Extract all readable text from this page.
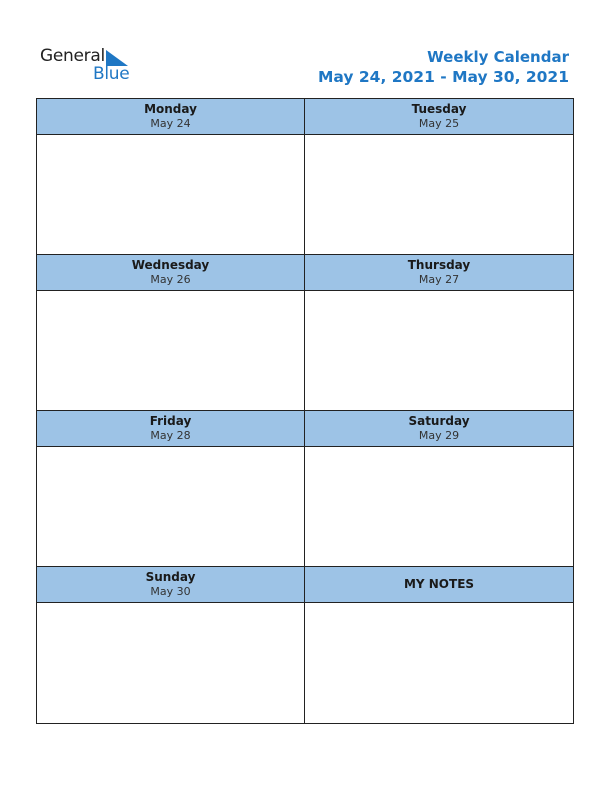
General
Blue
Weekly Calendar
May 24, 2021 - May 30, 2021
Monday
May 24
Tuesday
May 25
Wednesday
May 26
Thursday
May 27
Friday
May 28
Saturday
May 29
Sunday
May 30
MY NOTES
